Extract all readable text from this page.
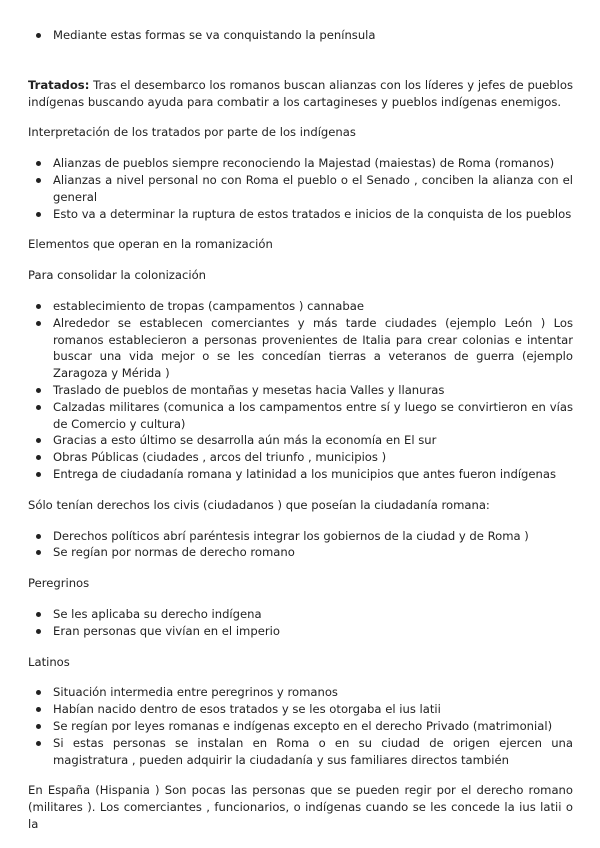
Mediante estas formas se va conquistando la península

Tratados: Tras el desembarco los romanos buscan alianzas con los líderes y jefes de pueblos indígenas buscando ayuda para combatir a los cartagineses y pueblos indígenas enemigos.

Interpretación de los tratados por parte de los indígenas

Alianzas de pueblos siempre reconociendo la Majestad (maiestas) de Roma (romanos)
Alianzas a nivel personal no con Roma el pueblo o el Senado , conciben la alianza con el general
Esto va a determinar la ruptura de estos tratados e inicios de la conquista de los pueblos

Elementos que operan en la romanización

Para consolidar la colonización

establecimiento de tropas (campamentos ) cannabae
Alrededor se establecen comerciantes y más tarde ciudades (ejemplo León ) Los romanos establecieron a personas provenientes de Italia para crear colonias e intentar buscar una vida mejor o se les concedían tierras a veteranos de guerra (ejemplo Zaragoza y Mérida )
Traslado de pueblos de montañas y mesetas hacia Valles y llanuras
Calzadas militares (comunica a los campamentos entre sí y luego se convirtieron en vías de Comercio y cultura)
Gracias a esto último se desarrolla aún más la economía en El sur
Obras Públicas (ciudades , arcos del triunfo , municipios )
Entrega de ciudadanía romana y latinidad a los municipios que antes fueron indígenas

Sólo tenían derechos los civis (ciudadanos ) que poseían la ciudadanía romana:

Derechos políticos abrí paréntesis integrar los gobiernos de la ciudad y de Roma )
Se regían por normas de derecho romano

Peregrinos

Se les aplicaba su derecho indígena
Eran personas que vivían en el imperio

Latinos

Situación intermedia entre peregrinos y romanos
Habían nacido dentro de esos tratados y se les otorgaba el ius latii
Se regían por leyes romanas e indígenas excepto en el derecho Privado (matrimonial)
Si estas personas se instalan en Roma o en su ciudad de origen ejercen una magistratura , pueden adquirir la ciudadanía y sus familiares directos también

En España (Hispania ) Son pocas las personas que se pueden regir por el derecho romano (militares ). Los comerciantes , funcionarios, o indígenas cuando se les concede la ius latii o la
